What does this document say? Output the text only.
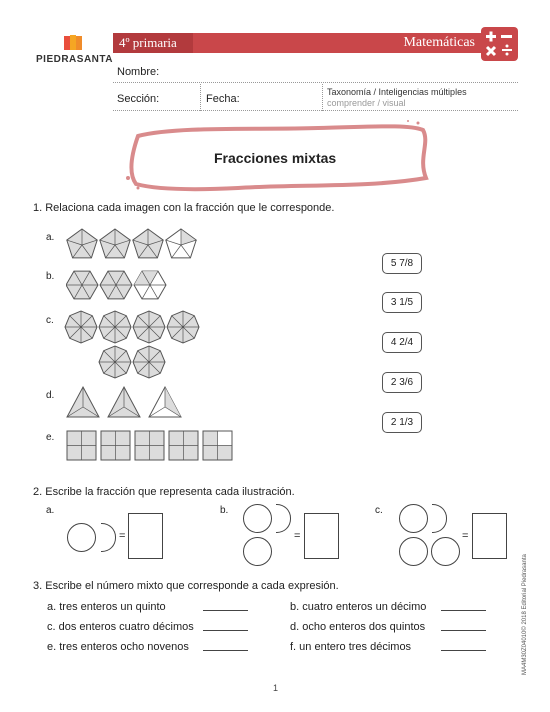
PIEDRASANTA
4º primaria	Matemáticas
Nombre:
Sección:	Fecha:
Taxonomía / Inteligencias múltiples
comprender / visual
Fracciones mixtas
1. Relaciona cada imagen con la fracción que le corresponde.
a.
b.
c.
d.
e.
5 7/8
3 1/5
4 2/4
2 3/6
2 1/3
2. Escribe la fracción que representa cada ilustración.
a.	b.	c.
=	=	=
3. Escribe el número mixto que corresponde a cada expresión.
a. tres enteros un quinto	b. cuatro enteros un décimo
c. dos enteros cuatro décimos	d. ocho enteros dos quintos
e. tres enteros ocho novenos	f. un entero tres décimos	MA4M30Z04010© 2018 Editorial Piedrasanta
1
